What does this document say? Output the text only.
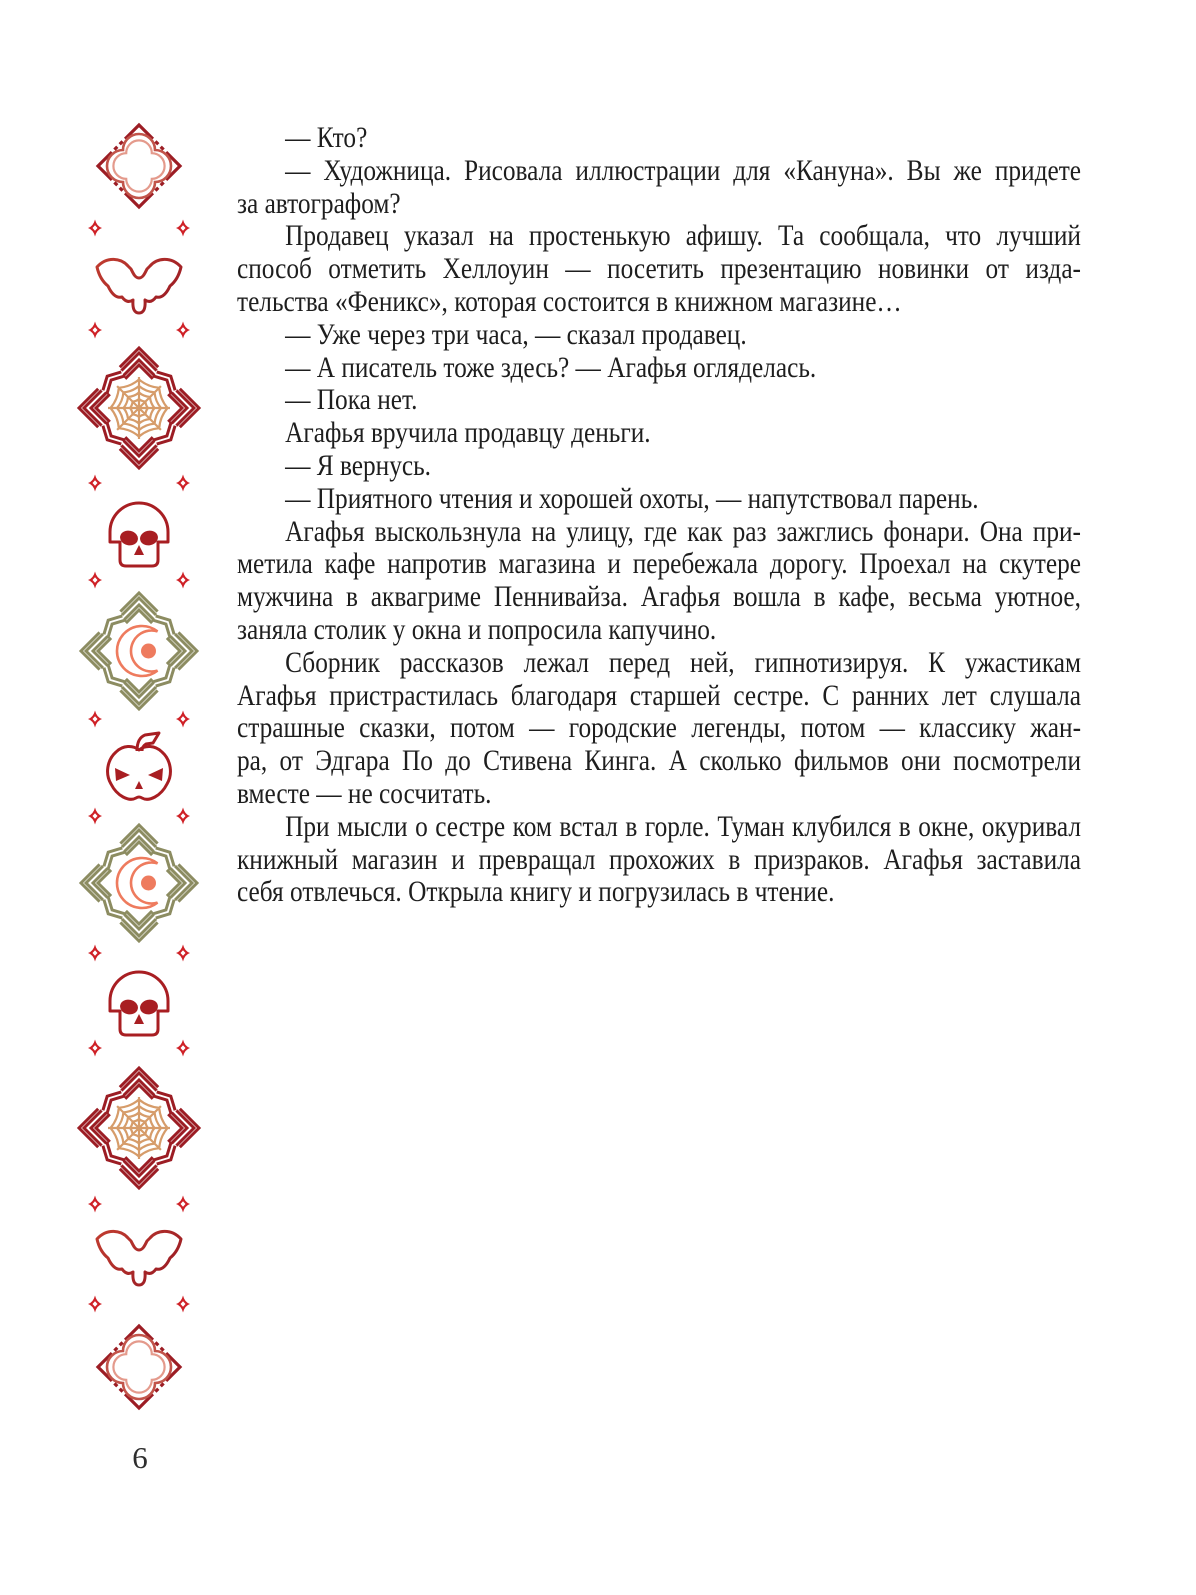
— Кто?
— Художница. Рисовала иллюстрации для «Кануна». Вы же придете
за автографом?
Продавец указал на простенькую афишу. Та сообщала, что лучший
способ отметить Хеллоуин — посетить презентацию новинки от изда-
тельства «Феникс», которая состоится в книжном магазине…
— Уже через три часа, — сказал продавец.
— А писатель тоже здесь? — Агафья огляделась.
— Пока нет.
Агафья вручила продавцу деньги.
— Я вернусь.
— Приятного чтения и хорошей охоты, — напутствовал парень.
Агафья выскользнула на улицу, где как раз зажглись фонари. Она при-
метила кафе напротив магазина и перебежала дорогу. Проехал на скутере
мужчина в аквагриме Пеннивайза. Агафья вошла в кафе, весьма уютное,
заняла столик у окна и попросила капучино.
Сборник рассказов лежал перед ней, гипнотизируя. К ужастикам
Агафья пристрастилась благодаря старшей сестре. С ранних лет слушала
страшные сказки, потом — городские легенды, потом — классику жан-
ра, от Эдгара По до Стивена Кинга. А сколько фильмов они посмотрели
вместе — не сосчитать.
При мысли о сестре ком встал в горле. Туман клубился в окне, окуривал
книжный магазин и превращал прохожих в призраков. Агафья заставила
себя отвлечься. Открыла книгу и погрузилась в чтение.
6
